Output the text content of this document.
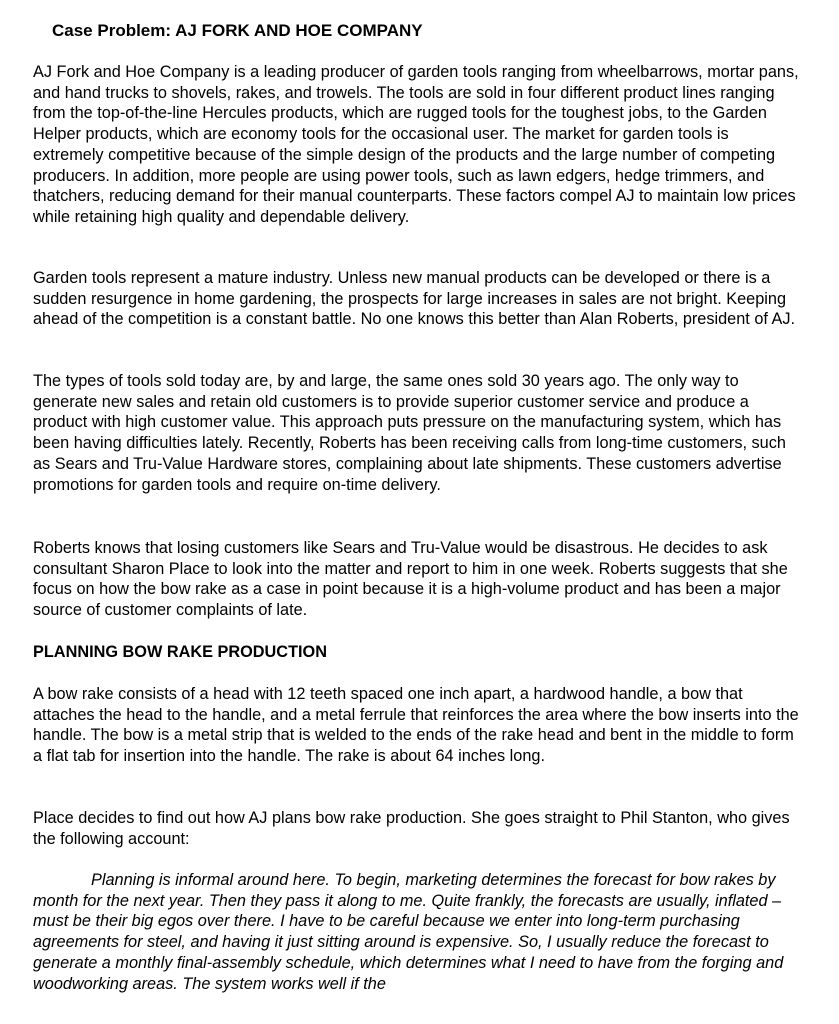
Case Problem: AJ FORK AND HOE COMPANY

AJ Fork and Hoe Company is a leading producer of garden tools ranging from wheelbarrows, mortar pans, and hand trucks to shovels, rakes, and trowels. The tools are sold in four different product lines ranging from the top-of-the-line Hercules products, which are rugged tools for the toughest jobs, to the Garden Helper products, which are economy tools for the occasional user. The market for garden tools is extremely competitive because of the simple design of the products and the large number of competing producers. In addition, more people are using power tools, such as lawn edgers, hedge trimmers, and thatchers, reducing demand for their manual counterparts. These factors compel AJ to maintain low prices while retaining high quality and dependable delivery.

Garden tools represent a mature industry. Unless new manual products can be developed or there is a sudden resurgence in home gardening, the prospects for large increases in sales are not bright. Keeping ahead of the competition is a constant battle. No one knows this better than Alan Roberts, president of AJ.

The types of tools sold today are, by and large, the same ones sold 30 years ago. The only way to generate new sales and retain old customers is to provide superior customer service and produce a product with high customer value. This approach puts pressure on the manufacturing system, which has been having difficulties lately. Recently, Roberts has been receiving calls from long-time customers, such as Sears and Tru-Value Hardware stores, complaining about late shipments. These customers advertise promotions for garden tools and require on-time delivery.

Roberts knows that losing customers like Sears and Tru-Value would be disastrous. He decides to ask consultant Sharon Place to look into the matter and report to him in one week. Roberts suggests that she focus on how the bow rake as a case in point because it is a high-volume product and has been a major source of customer complaints of late.

PLANNING BOW RAKE PRODUCTION

A bow rake consists of a head with 12 teeth spaced one inch apart, a hardwood handle, a bow that attaches the head to the handle, and a metal ferrule that reinforces the area where the bow inserts into the handle. The bow is a metal strip that is welded to the ends of the rake head and bent in the middle to form a flat tab for insertion into the handle. The rake is about 64 inches long.

Place decides to find out how AJ plans bow rake production. She goes straight to Phil Stanton, who gives the following account:

Planning is informal around here. To begin, marketing determines the forecast for bow rakes by month for the next year. Then they pass it along to me. Quite frankly, the forecasts are usually, inflated – must be their big egos over there. I have to be careful because we enter into long-term purchasing agreements for steel, and having it just sitting around is expensive. So, I usually reduce the forecast to generate a monthly final-assembly schedule, which determines what I need to have from the forging and woodworking areas. The system works well if the
